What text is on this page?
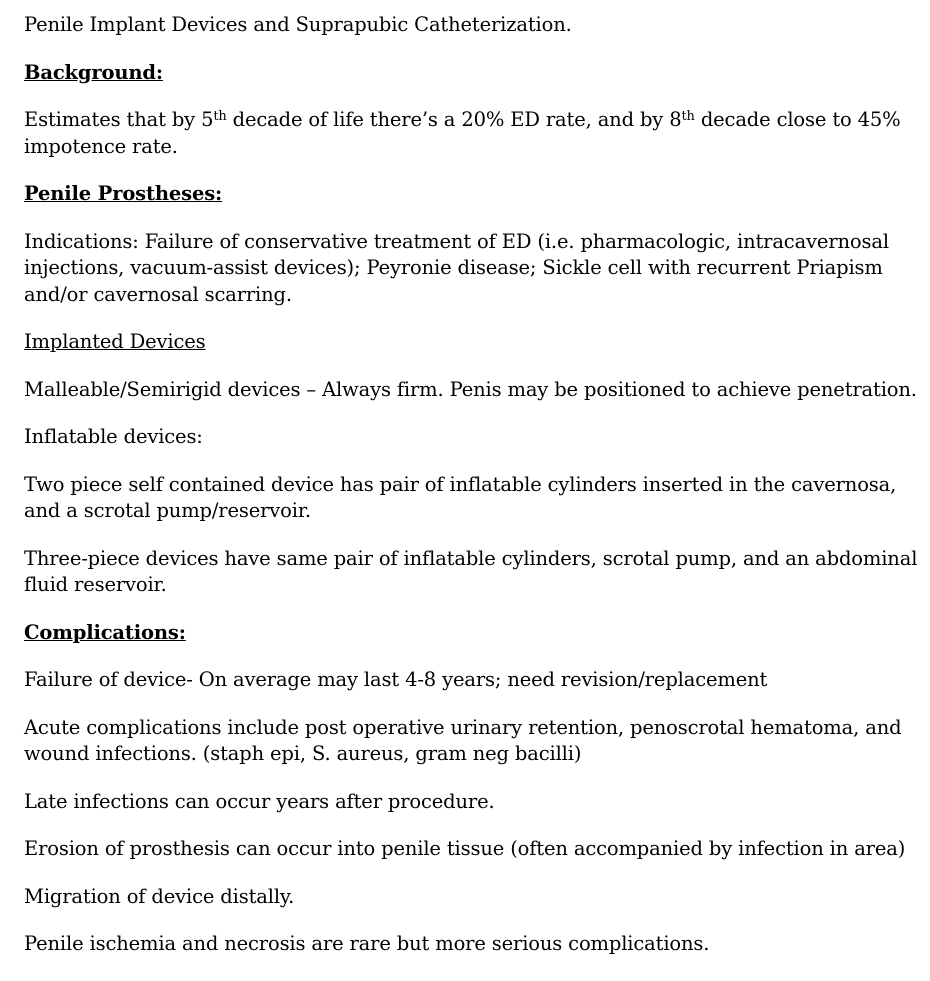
Penile Implant Devices and Suprapubic Catheterization.

Background:

Estimates that by 5th decade of life there’s a 20% ED rate, and by 8th decade close to 45% impotence rate.

Penile Prostheses:

Indications: Failure of conservative treatment of ED (i.e. pharmacologic, intracavernosal injections, vacuum-assist devices); Peyronie disease; Sickle cell with recurrent Priapism and/or cavernosal scarring.

Implanted Devices

Malleable/Semirigid devices – Always firm. Penis may be positioned to achieve penetration.

Inflatable devices:

Two piece self contained device has pair of inflatable cylinders inserted in the cavernosa, and a scrotal pump/reservoir.

Three-piece devices have same pair of inflatable cylinders, scrotal pump, and an abdominal fluid reservoir.

Complications:

Failure of device- On average may last 4-8 years; need revision/replacement

Acute complications include post operative urinary retention, penoscrotal hematoma, and wound infections. (staph epi, S. aureus, gram neg bacilli)

Late infections can occur years after procedure.

Erosion of prosthesis can occur into penile tissue (often accompanied by infection in area)

Migration of device distally.

Penile ischemia and necrosis are rare but more serious complications.
